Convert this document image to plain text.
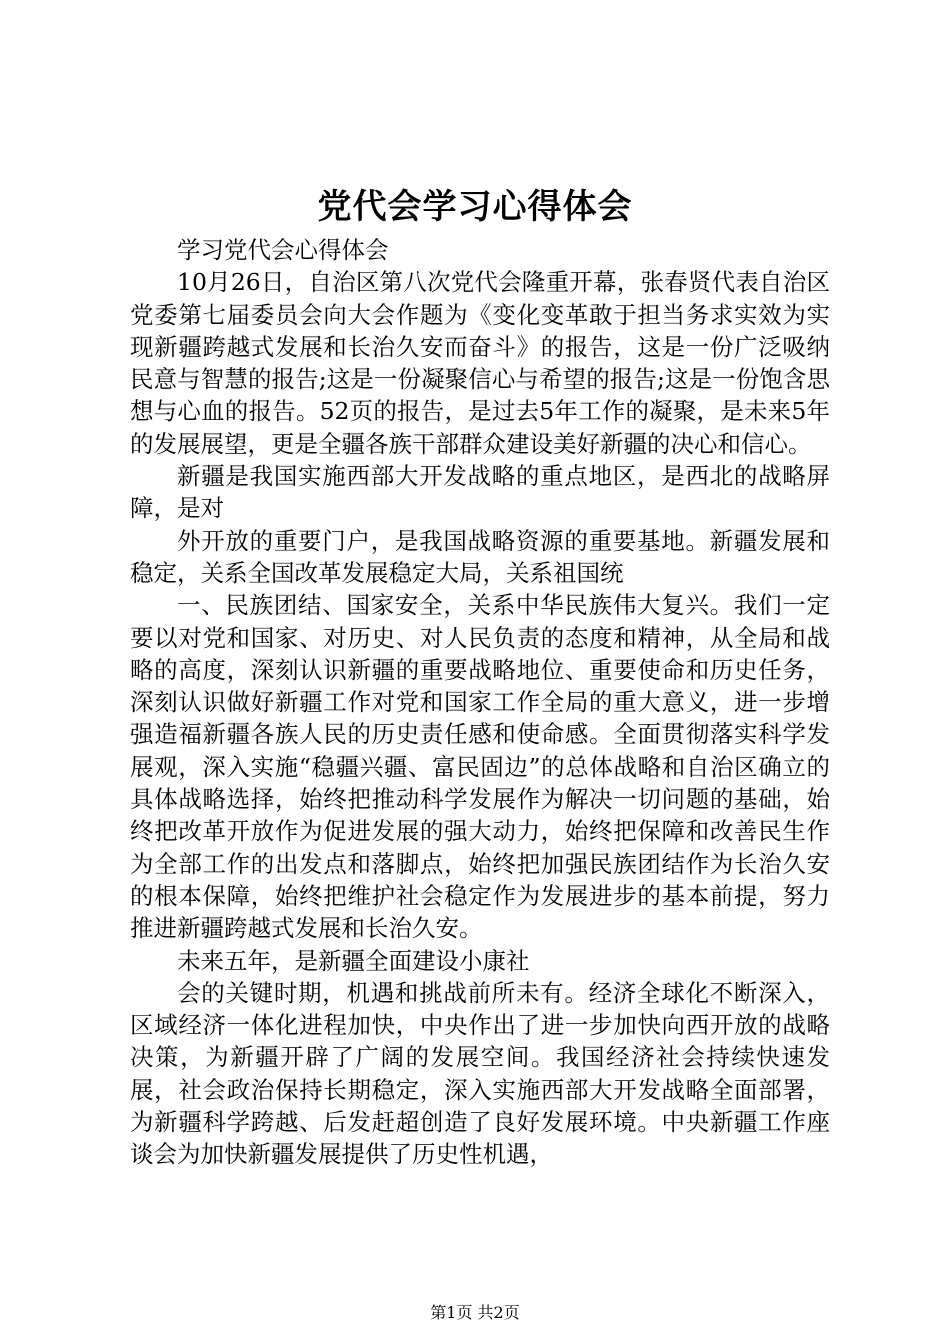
党代会学习心得体会

学习党代会心得体会

10月26日，自治区第八次党代会隆重开幕，张春贤代表自治区党委第七届委员会向大会作题为《变化变革敢于担当务求实效为实现新疆跨越式发展和长治久安而奋斗》的报告，这是一份广泛吸纳民意与智慧的报告;这是一份凝聚信心与希望的报告;这是一份饱含思想与心血的报告。52页的报告，是过去5年工作的凝聚，是未来5年的发展展望，更是全疆各族干部群众建设美好新疆的决心和信心。

新疆是我国实施西部大开发战略的重点地区，是西北的战略屏障，是对

外开放的重要门户，是我国战略资源的重要基地。新疆发展和稳定，关系全国改革发展稳定大局，关系祖国统

一、民族团结、国家安全，关系中华民族伟大复兴。我们一定要以对党和国家、对历史、对人民负责的态度和精神，从全局和战略的高度，深刻认识新疆的重要战略地位、重要使命和历史任务，深刻认识做好新疆工作对党和国家工作全局的重大意义，进一步增强造福新疆各族人民的历史责任感和使命感。全面贯彻落实科学发展观，深入实施“稳疆兴疆、富民固边”的总体战略和自治区确立的具体战略选择，始终把推动科学发展作为解决一切问题的基础，始终把改革开放作为促进发展的强大动力，始终把保障和改善民生作为全部工作的出发点和落脚点，始终把加强民族团结作为长治久安的根本保障，始终把维护社会稳定作为发展进步的基本前提，努力推进新疆跨越式发展和长治久安。

未来五年，是新疆全面建设小康社

会的关键时期，机遇和挑战前所未有。经济全球化不断深入，区域经济一体化进程加快，中央作出了进一步加快向西开放的战略决策，为新疆开辟了广阔的发展空间。我国经济社会持续快速发展，社会政治保持长期稳定，深入实施西部大开发战略全面部署，为新疆科学跨越、后发赶超创造了良好发展环境。中央新疆工作座谈会为加快新疆发展提供了历史性机遇，

第1页 共2页
